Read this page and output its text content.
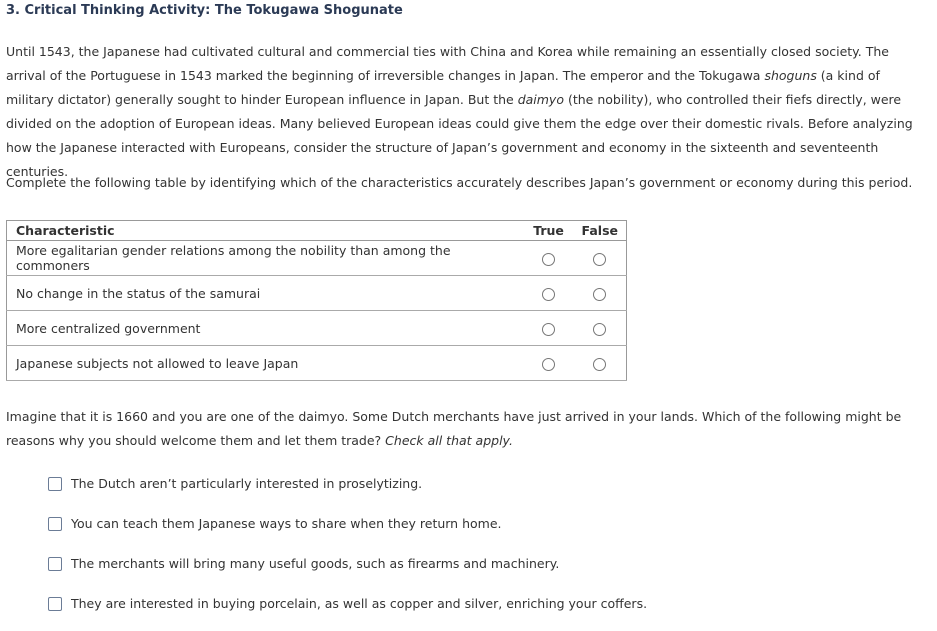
3. Critical Thinking Activity: The Tokugawa Shogunate
Until 1543, the Japanese had cultivated cultural and commercial ties with China and Korea while remaining an essentially closed society. The arrival of the Portuguese in 1543 marked the beginning of irreversible changes in Japan. The emperor and the Tokugawa shoguns (a kind of military dictator) generally sought to hinder European influence in Japan. But the daimyo (the nobility), who controlled their fiefs directly, were divided on the adoption of European ideas. Many believed European ideas could give them the edge over their domestic rivals. Before analyzing how the Japanese interacted with Europeans, consider the structure of Japan’s government and economy in the sixteenth and seventeenth centuries.
Complete the following table by identifying which of the characteristics accurately describes Japan’s government or economy during this period.
Characteristic	True	False
More egalitarian gender relations among the nobility than among the commoners		
No change in the status of the samurai		
More centralized government		
Japanese subjects not allowed to leave Japan		
Imagine that it is 1660 and you are one of the daimyo. Some Dutch merchants have just arrived in your lands. Which of the following might be reasons why you should welcome them and let them trade? Check all that apply.
The Dutch aren’t particularly interested in proselytizing.
You can teach them Japanese ways to share when they return home.
The merchants will bring many useful goods, such as firearms and machinery.
They are interested in buying porcelain, as well as copper and silver, enriching your coffers.
